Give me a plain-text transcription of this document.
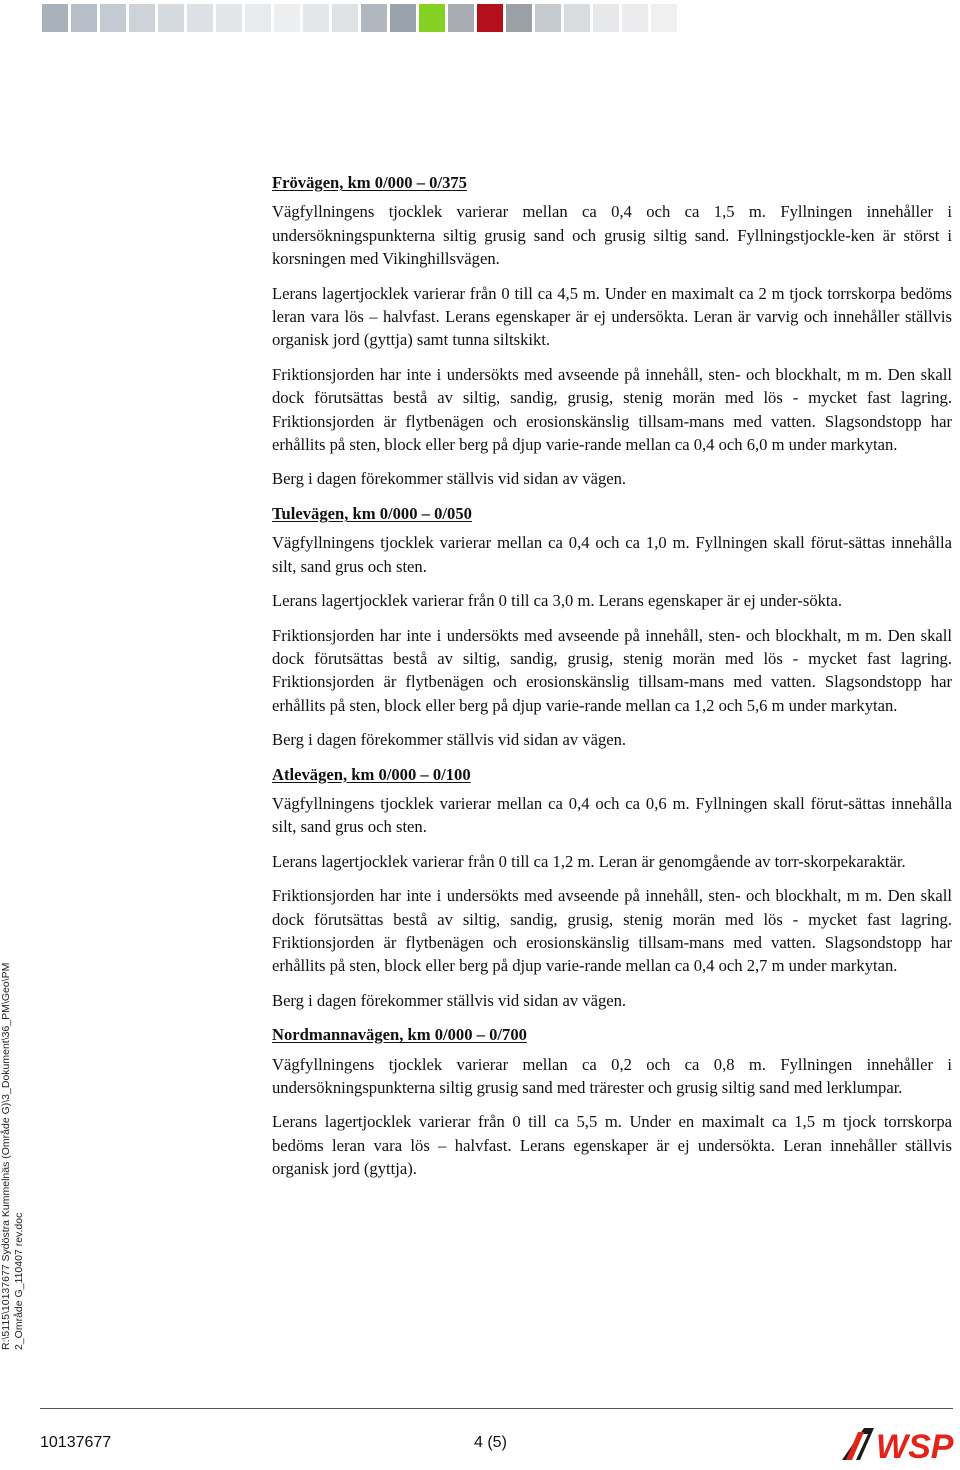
Frövägen, km 0/000 – 0/375

Vägfyllningens tjocklek varierar mellan ca 0,4 och ca 1,5 m. Fyllningen innehåller i undersökningspunkterna siltig grusig sand och grusig siltig sand. Fyllningstjockle-ken är störst i korsningen med Vikinghillsvägen.

Lerans lagertjocklek varierar från 0 till ca 4,5 m. Under en maximalt ca 2 m tjock torrskorpa bedöms leran vara lös – halvfast. Lerans egenskaper är ej undersökta. Leran är varvig och innehåller ställvis organisk jord (gyttja) samt tunna siltskikt.

Friktionsjorden har inte i undersökts med avseende på innehåll, sten- och blockhalt, m m. Den skall dock förutsättas bestå av siltig, sandig, grusig, stenig morän med lös - mycket fast lagring. Friktionsjorden är flytbenägen och erosionskänslig tillsam-mans med vatten. Slagsondstopp har erhållits på sten, block eller berg på djup varie-rande mellan ca 0,4 och 6,0 m under markytan.

Berg i dagen förekommer ställvis vid sidan av vägen.

Tulevägen, km 0/000 – 0/050

Vägfyllningens tjocklek varierar mellan ca 0,4 och ca 1,0 m. Fyllningen skall förut-sättas innehålla silt, sand grus och sten.

Lerans lagertjocklek varierar från 0 till ca 3,0 m. Lerans egenskaper är ej under-sökta.

Friktionsjorden har inte i undersökts med avseende på innehåll, sten- och blockhalt, m m. Den skall dock förutsättas bestå av siltig, sandig, grusig, stenig morän med lös - mycket fast lagring. Friktionsjorden är flytbenägen och erosionskänslig tillsam-mans med vatten. Slagsondstopp har erhållits på sten, block eller berg på djup varie-rande mellan ca 1,2 och 5,6 m under markytan.

Berg i dagen förekommer ställvis vid sidan av vägen.

Atlevägen, km 0/000 – 0/100

Vägfyllningens tjocklek varierar mellan ca 0,4 och ca 0,6 m. Fyllningen skall förut-sättas innehålla silt, sand grus och sten.

Lerans lagertjocklek varierar från 0 till ca 1,2 m. Leran är genomgående av torr-skorpekaraktär.

Friktionsjorden har inte i undersökts med avseende på innehåll, sten- och blockhalt, m m. Den skall dock förutsättas bestå av siltig, sandig, grusig, stenig morän med lös - mycket fast lagring. Friktionsjorden är flytbenägen och erosionskänslig tillsam-mans med vatten. Slagsondstopp har erhållits på sten, block eller berg på djup varie-rande mellan ca 0,4 och 2,7 m under markytan.

Berg i dagen förekommer ställvis vid sidan av vägen.

Nordmannavägen, km 0/000 – 0/700

Vägfyllningens tjocklek varierar mellan ca 0,2 och ca 0,8 m. Fyllningen innehåller i undersökningspunkterna siltig grusig sand med trärester och grusig siltig sand med lerklumpar.

Lerans lagertjocklek varierar från 0 till ca 5,5 m. Under en maximalt ca 1,5 m tjock torrskorpa bedöms leran vara lös – halvfast. Lerans egenskaper är ej undersökta. Leran innehåller ställvis organisk jord (gyttja).

R:\5115\10137677 Sydöstra Kummelnäs (Område G)\3_Dokument\36_PM\Geo\PM 2_Område G_110407 rev.doc
10137677	4 (5)	WSP
